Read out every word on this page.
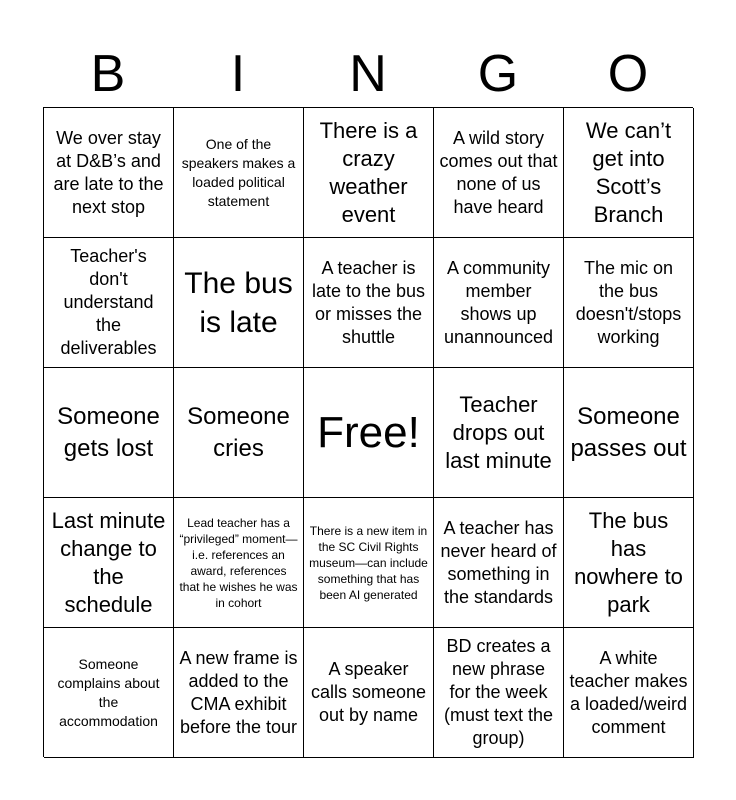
B	I	N	G	O
We over stay at D&B’s and are late to the next stop
One of the speakers makes a loaded political statement
There is a crazy weather event
A wild story comes out that none of us have heard
We can’t get into Scott’s Branch
Teacher's don't understand the deliverables
The bus is late
A teacher is late to the bus or misses the shuttle
A community member shows up unannounced
The mic on the bus doesn't/stops working
Someone gets lost
Someone cries	Free!
Teacher drops out last minute
Someone passes out
Last minute change to the schedule
Lead teacher has a “privileged” moment—i.e. references an award, references that he wishes he was in cohort
There is a new item in the SC Civil Rights museum—can include something that has been AI generated
A teacher has never heard of something in the standards
The bus has nowhere to park
Someone complains about the accommodation
A new frame is added to the CMA exhibit before the tour
A speaker calls someone out by name
BD creates a new phrase for the week (must text the group)
A white teacher makes a loaded/weird comment
